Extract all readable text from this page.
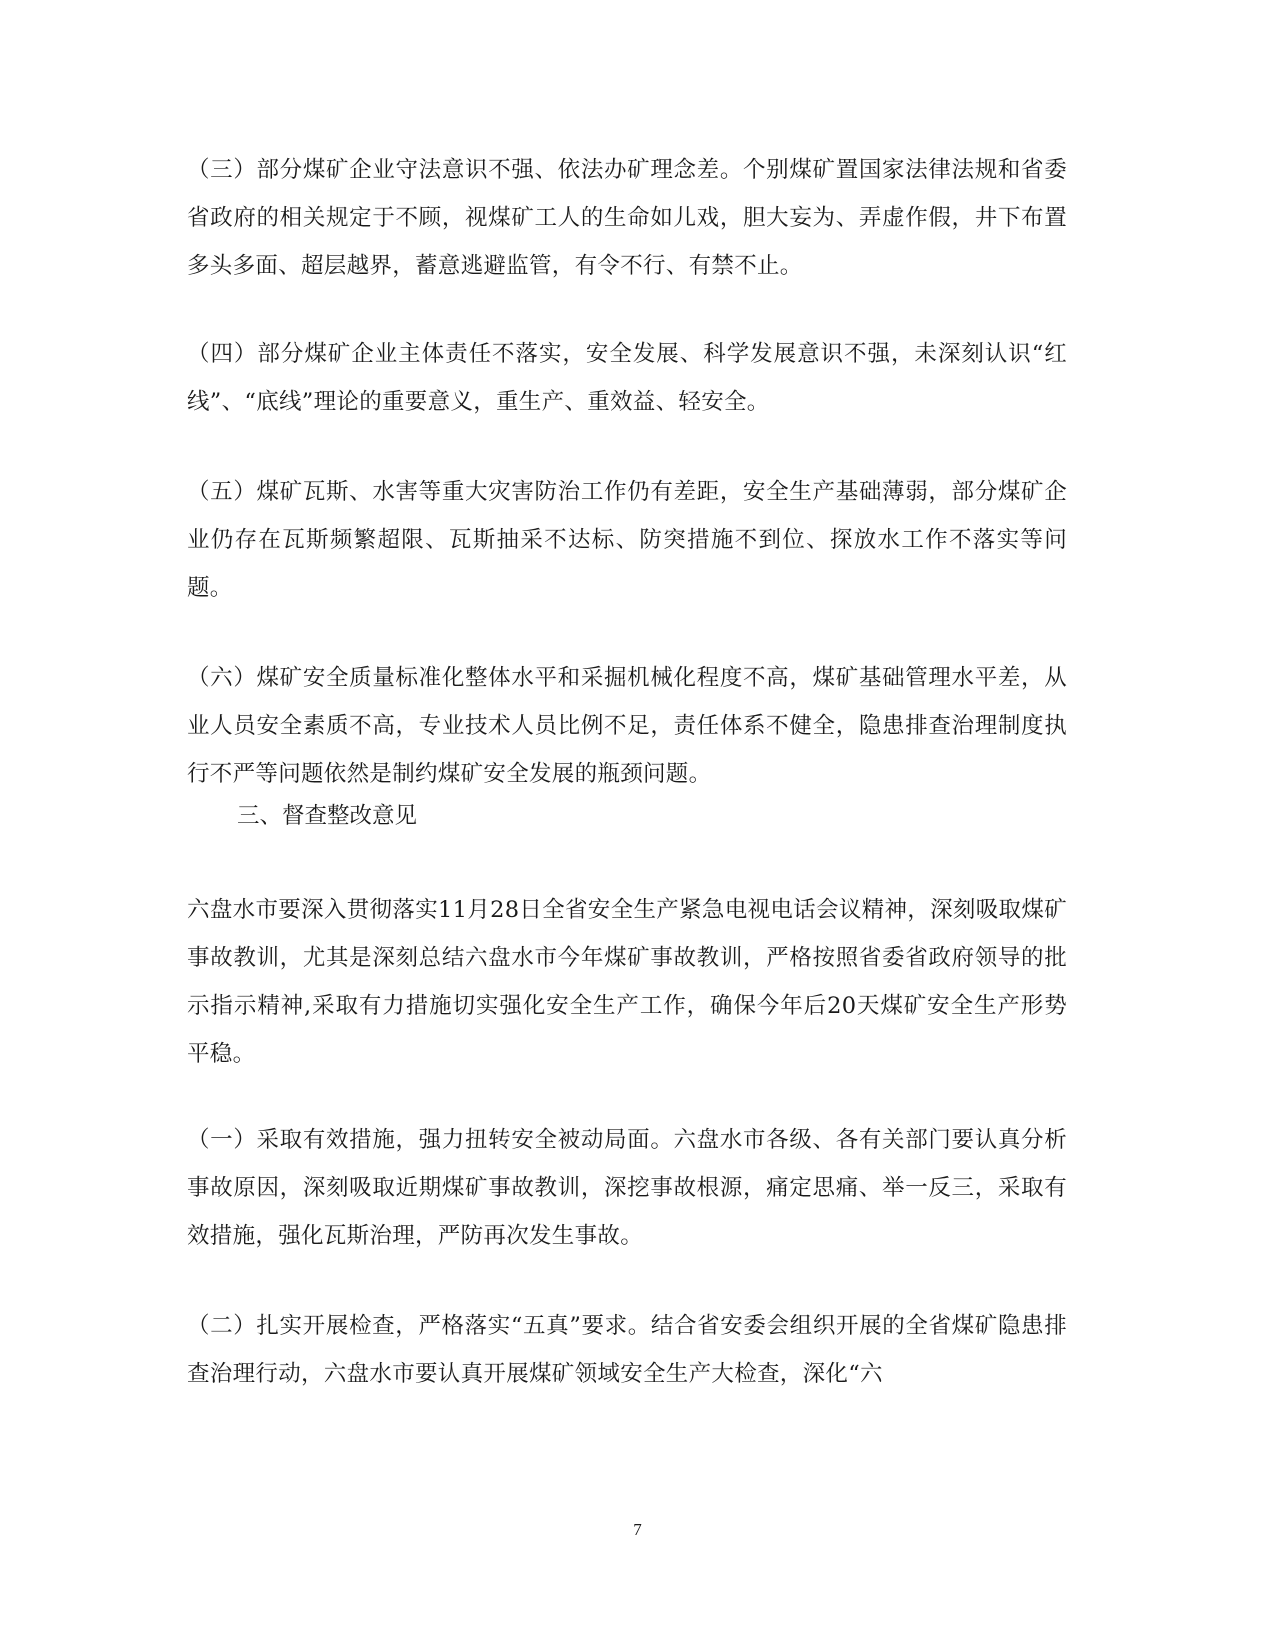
（三）部分煤矿企业守法意识不强、依法办矿理念差。个别煤矿置国家法律法规和省委省政府的相关规定于不顾，视煤矿工人的生命如儿戏，胆大妄为、弄虚作假，井下布置多头多面、超层越界，蓄意逃避监管，有令不行、有禁不止。

（四）部分煤矿企业主体责任不落实，安全发展、科学发展意识不强，未深刻认识“红线”、“底线”理论的重要意义，重生产、重效益、轻安全。

（五）煤矿瓦斯、水害等重大灾害防治工作仍有差距，安全生产基础薄弱，部分煤矿企业仍存在瓦斯频繁超限、瓦斯抽采不达标、防突措施不到位、探放水工作不落实等问题。

（六）煤矿安全质量标准化整体水平和采掘机械化程度不高，煤矿基础管理水平差，从业人员安全素质不高，专业技术人员比例不足，责任体系不健全，隐患排查治理制度执行不严等问题依然是制约煤矿安全发展的瓶颈问题。

三、督查整改意见

六盘水市要深入贯彻落实11月28日全省安全生产紧急电视电话会议精神，深刻吸取煤矿事故教训，尤其是深刻总结六盘水市今年煤矿事故教训，严格按照省委省政府领导的批示指示精神,采取有力措施切实强化安全生产工作，确保今年后20天煤矿安全生产形势平稳。

（一）采取有效措施，强力扭转安全被动局面。六盘水市各级、各有关部门要认真分析事故原因，深刻吸取近期煤矿事故教训，深挖事故根源，痛定思痛、举一反三，采取有效措施，强化瓦斯治理，严防再次发生事故。

（二）扎实开展检查，严格落实“五真”要求。结合省安委会组织开展的全省煤矿隐患排查治理行动，六盘水市要认真开展煤矿领域安全生产大检查，深化“六

7
